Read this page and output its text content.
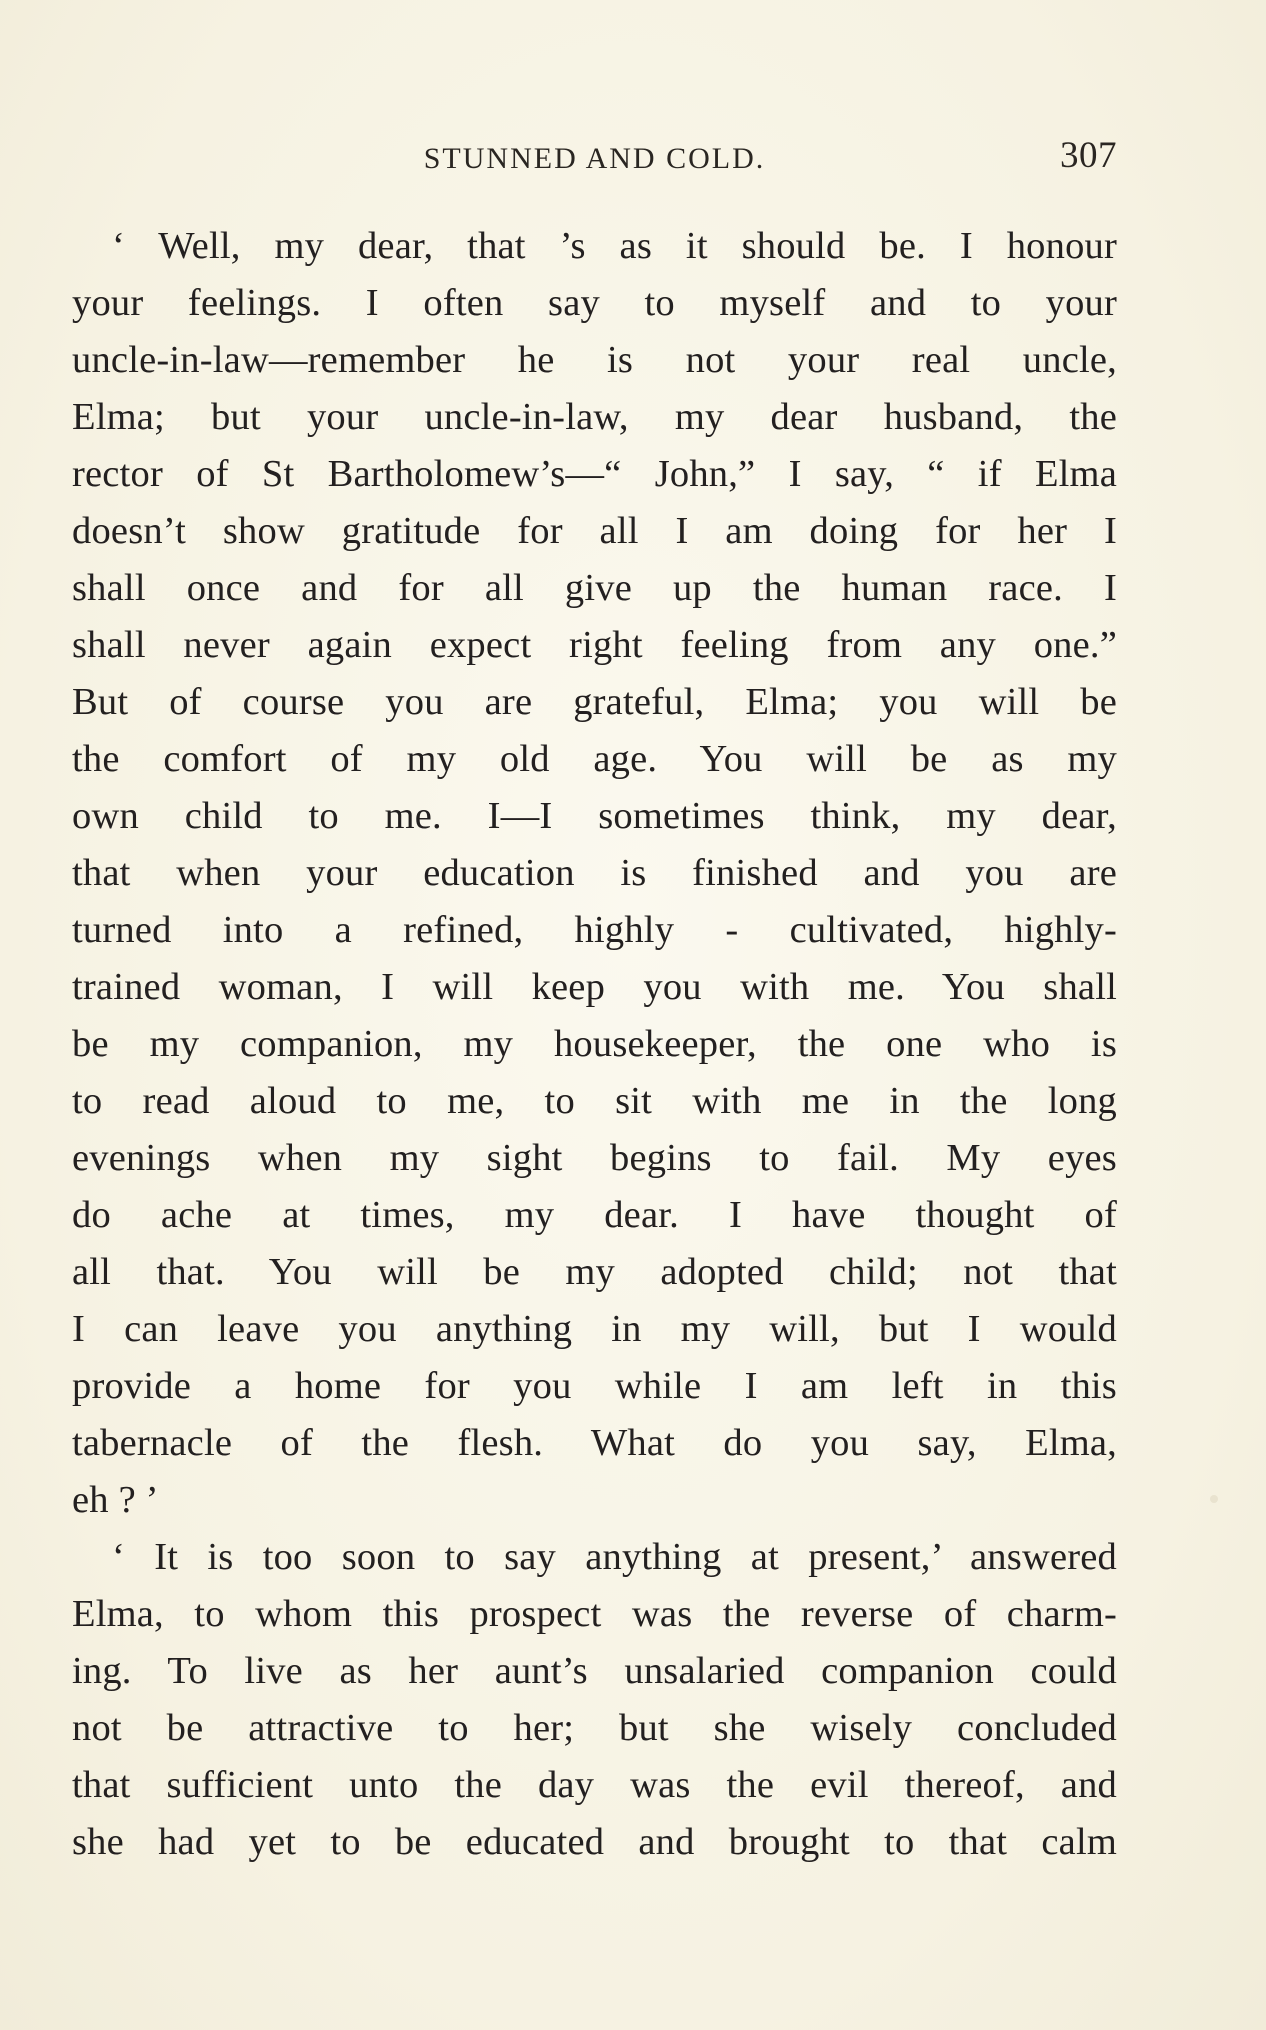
STUNNED AND COLD.	307
‘ Well, my dear, that ’s as it should be. I honour
your feelings. I often say to myself and to your
uncle-in-law—remember he is not your real uncle,
Elma; but your uncle-in-law, my dear husband, the
rector of St Bartholomew’s—“ John,” I say, “ if Elma
doesn’t show gratitude for all I am doing for her I
shall once and for all give up the human race. I
shall never again expect right feeling from any one.”
But of course you are grateful, Elma; you will be
the comfort of my old age. You will be as my
own child to me. I—I sometimes think, my dear,
that when your education is finished and you are
turned into a refined, highly - cultivated, highly-
trained woman, I will keep you with me. You shall
be my companion, my housekeeper, the one who is
to read aloud to me, to sit with me in the long
evenings when my sight begins to fail. My eyes
do ache at times, my dear. I have thought of
all that. You will be my adopted child; not that
I can leave you anything in my will, but I would
provide a home for you while I am left in this
tabernacle of the flesh. What do you say, Elma,
eh ? ’
‘ It is too soon to say anything at present,’ answered
Elma, to whom this prospect was the reverse of charm-
ing. To live as her aunt’s unsalaried companion could
not be attractive to her; but she wisely concluded
that sufficient unto the day was the evil thereof, and
she had yet to be educated and brought to that calm
